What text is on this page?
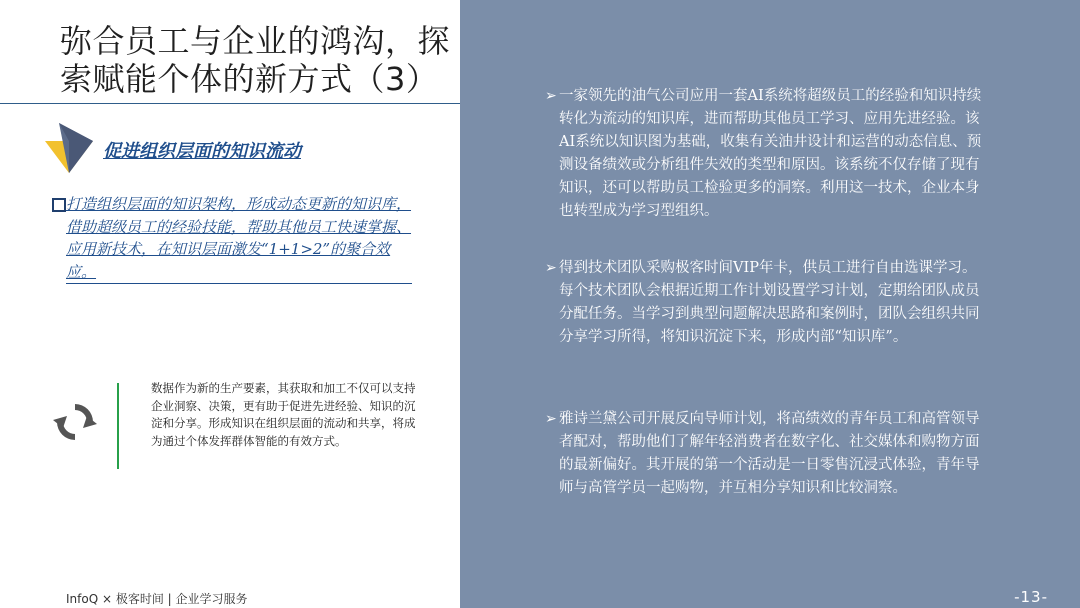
弥合员工与企业的鸿沟，探索赋能个体的新方式（3）
促进组织层面的知识流动
打造组织层面的知识架构，形成动态更新的知识库，借助超级员工的经验技能，帮助其他员工快速掌握、应用新技术，在知识层面激发“1+1>2”的聚合效应。
数据作为新的生产要素，其获取和加工不仅可以支持企业洞察、决策，更有助于促进先进经验、知识的沉淀和分享。形成知识在组织层面的流动和共享，将成为通过个体发挥群体智能的有效方式。
➢ 一家领先的油气公司应用一套AI系统将超级员工的经验和知识持续转化为流动的知识库，进而帮助其他员工学习、应用先进经验。该AI系统以知识图为基础，收集有关油井设计和运营的动态信息、预测设备绩效或分析组件失效的类型和原因。该系统不仅存储了现有知识，还可以帮助员工检验更多的洞察。利用这一技术，企业本身也转型成为学习型组织。
➢ 得到技术团队采购极客时间VIP年卡，供员工进行自由选课学习。每个技术团队会根据近期工作计划设置学习计划，定期给团队成员分配任务。当学习到典型问题解决思路和案例时，团队会组织共同分享学习所得，将知识沉淀下来，形成内部“知识库”。
➢ 雅诗兰黛公司开展反向导师计划，将高绩效的青年员工和高管领导者配对，帮助他们了解年轻消费者在数字化、社交媒体和购物方面的最新偏好。其开展的第一个活动是一日零售沉浸式体验，青年导师与高管学员一起购物，并互相分享知识和比较洞察。
InfoQ × 极客时间 | 企业学习服务	-13-
